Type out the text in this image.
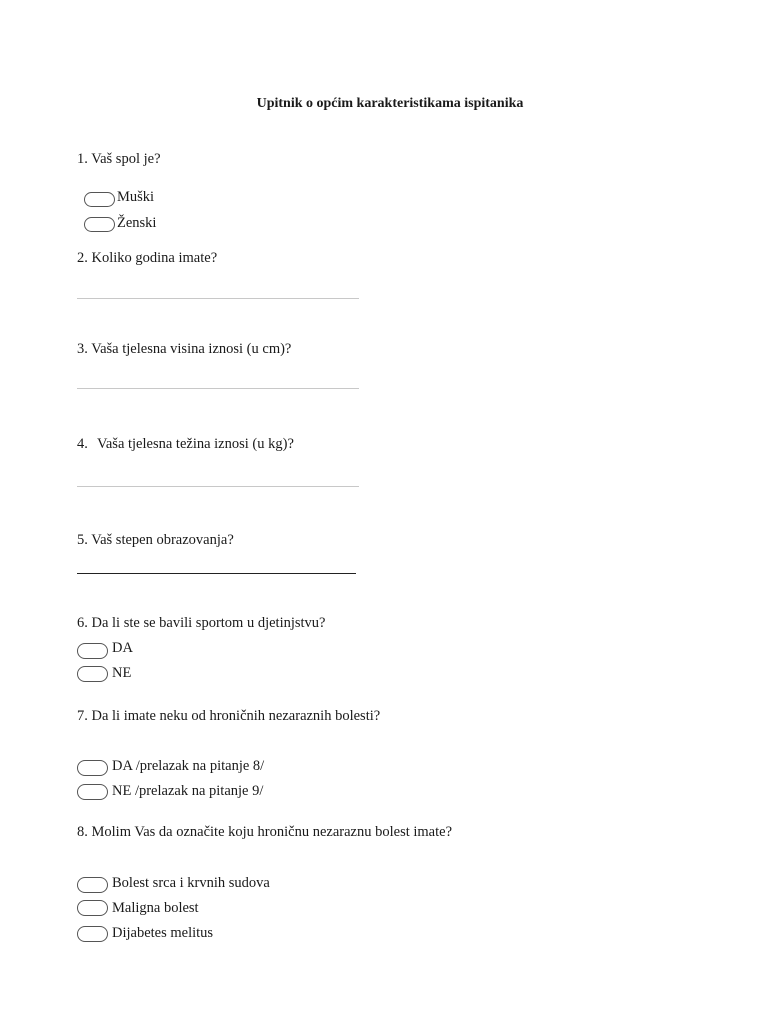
Upitnik o općim karakteristikama ispitanika
1. Vaš spol je?
Muški
Ženski
2. Koliko godina imate?
3. Vaša tjelesna visina iznosi (u cm)?
4. Vaša tjelesna težina iznosi (u kg)?
5. Vaš stepen obrazovanja?
6. Da li ste se bavili sportom u djetinjstvu?
DA
NE
7. Da li imate neku od hroničnih nezaraznih bolesti?
DA /prelazak na pitanje 8/
NE /prelazak na pitanje 9/
8. Molim Vas da označite koju hroničnu nezaraznu bolest imate?
Bolest srca i krvnih sudova
Maligna bolest
Dijabetes melitus
